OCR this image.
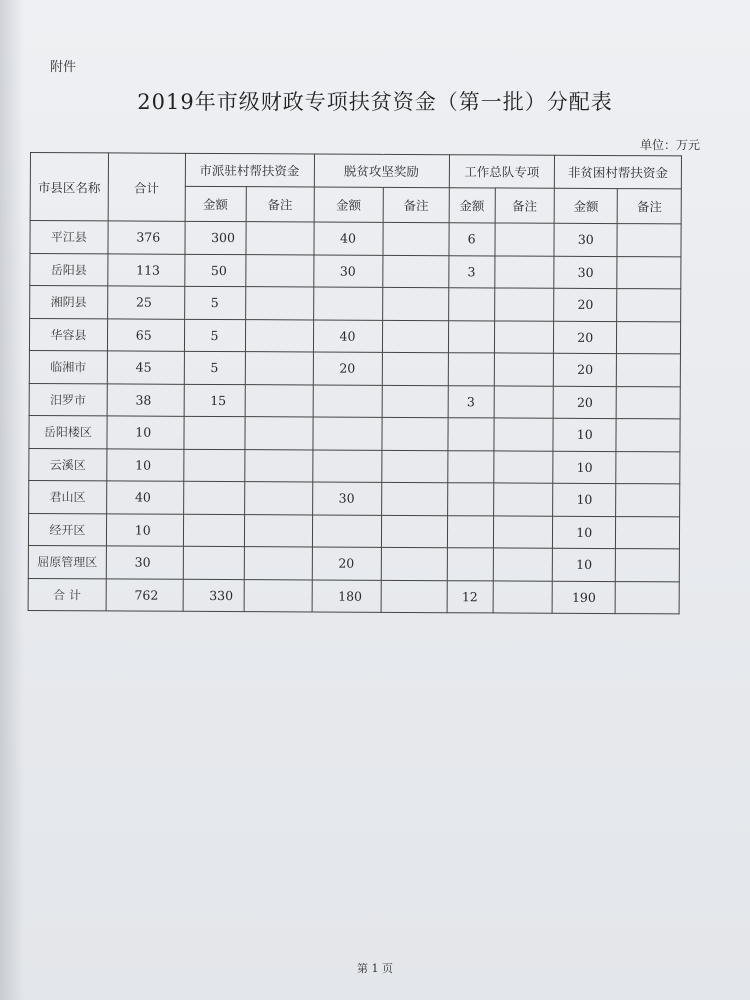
附件
2019年市级财政专项扶贫资金（第一批）分配表
单位：万元
市县区名称	合计	市派驻村帮扶资金		脱贫攻坚奖励		工作总队专项		非贫困村帮扶资金	
		金额	备注	金额	备注	金额	备注	金额	备注
平江县	376	300		40		6		30	
岳阳县	113	50		30		3		30	
湘阴县	25	5						20	
华容县	65	5		40				20	
临湘市	45	5		20				20	
汨罗市	38	15				3		20	
岳阳楼区	10							10	
云溪区	10							10	
君山区	40			30				10	
经开区	10							10	
屈原管理区	30			20				10	
合 计	762	330		180		12		190	
第 1 页
